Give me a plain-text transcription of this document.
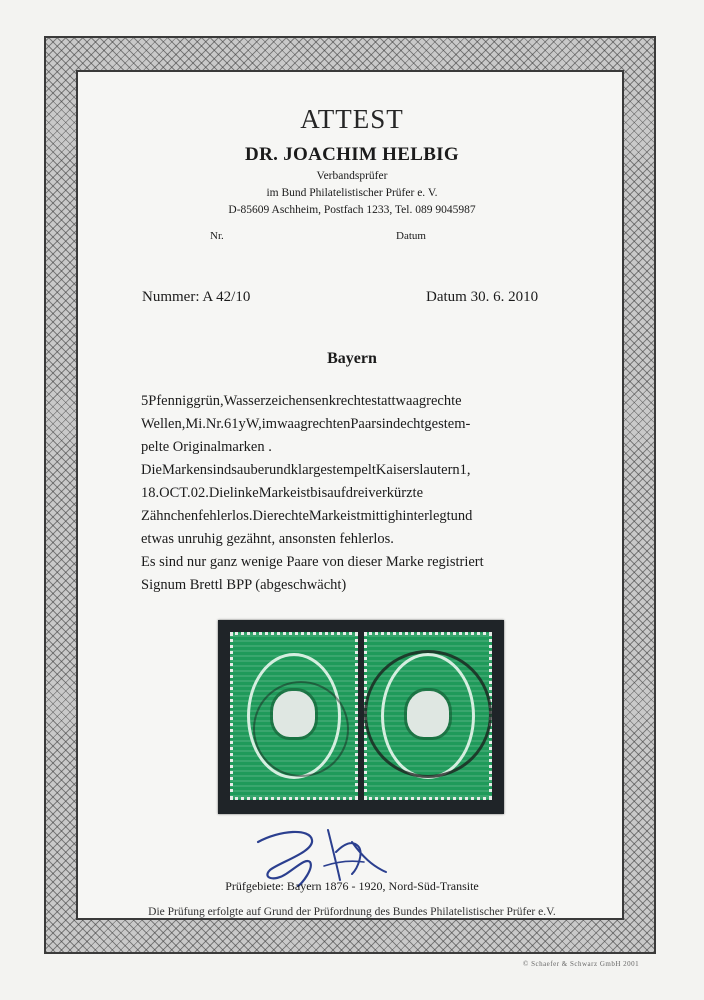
ATTEST
DR. JOACHIM HELBIG
Verbandsprüfer
im Bund Philatelistischer Prüfer e. V.
D-85609 Aschheim, Postfach 1233, Tel. 089 9045987
Nr.	Datum
Nummer: A 42/10	Datum 30. 6. 2010
Bayern
5Pfenniggrün,Wasserzeichensenkrechtestattwaagrechte
Wellen,Mi.Nr.61yW,imwaagrechtenPaarsindechtgestem-
pelte Originalmarken .
DieMarkensindsauberundklargestempeltKaiserslautern1,
18.OCT.02.DielinkeMarkeistbisaufdreiverkürzte
Zähnchenfehlerlos.DierechteMarkeistmittighinterlegtund
etwas unruhig gezähnt, ansonsten fehlerlos.
Es sind nur ganz wenige Paare von dieser Marke registriert
Signum Brettl BPP (abgeschwächt)
Prüfgebiete: Bayern 1876 - 1920, Nord-Süd-Transite
Die Prüfung erfolgte auf Grund der Prüfordnung des Bundes Philatelistischer Prüfer e.V.
© Schaefer & Schwarz GmbH 2001
